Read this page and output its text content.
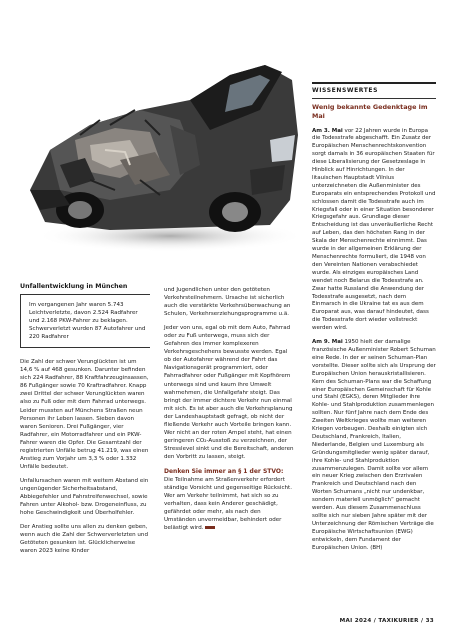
WISSENSWERTES
Wenig bekannte Gedenktage im Mai

Am 3. Mai vor 22 Jahren wurde in Europa die Todesstrafe abgeschafft. Ein Zusatz der Europäischen Menschenrechtskonvention sorgt damals in 36 europäischen Staaten für diese Liberalisierung der Gesetzeslage in Hinblick auf Hinrichtungen. In der litauischen Hauptstadt Vilnius unterzeichneten die Außenminister des Europarats ein entsprechendes Protokoll und schlossen damit die Todesstrafe auch im Kriegsfall oder in einer Situation besonderer Kriegsgefahr aus. Grundlage dieser Entscheidung ist das unveräußerliche Recht auf Leben, das den höchsten Rang in der Skala der Menschenrechte einnimmt. Das wurde in der allgemeinen Erklärung der Menschenrechte formuliert, die 1948 von den Vereinten Nationen verabschiedet wurde. Als einziges europäisches Land wendet noch Belarus die Todesstrafe an. Zwar hatte Russland die Anwendung der Todesstrafe ausgesetzt, nach dem Einmarsch in die Ukraine tat es aus dem Europarat aus, was darauf hindeutet, dass die Todesstrafe dort wieder vollstreckt werden wird.

Am 9. Mai 1950 hielt der damalige französische Außenminister Robert Schuman eine Rede. In der er seinen Schuman-Plan vorstellte. Dieser sollte sich als Ursprung der Europäischen Union herauskristallisieren. Kern des Schuman-Plans war die Schaffung einer Europäischen Gemeinschaft für Kohle und Stahl (EGKS), deren Mitglieder ihre Kohle- und Stahlproduktion zusammenlegen sollten. Nur fünf Jahre nach dem Ende des Zweiten Weltkrieges wollte man weiteren Kriegen vorbeugen. Deshalb einigten sich Deutschland, Frankreich, Italien, Niederlande, Belgien und Luxemburg als Gründungsmitglieder wenig später darauf, ihre Kohle- und Stahlproduktion zusammenzulegen. Damit sollte vor allem ein neuer Krieg zwischen den Erzrivalen Frankreich und Deutschland nach den Worten Schumans „nicht nur undenkbar, sondern materiell unmöglich“ gemacht werden. Aus diesem Zusammenschluss sollte sich nur sieben Jahre später mit der Unterzeichnung der Römischen Verträge die Europäische Wirtschaftsunion (EWG) entwickeln, dem Fundament der Europäischen Union. (BH)

Unfallentwicklung in München
Im vergangenen Jahr waren 5.743 Leichtverletzte, davon 2.524 Radfahrer und 2.168 PKW-Fahrer zu beklagen. Schwerverletzt wurden 87 Autofahrer und 220 Radfahrer

Die Zahl der schwer Verunglückten ist um 14,6 % auf 468 gesunken. Darunter befinden sich 224 Radfahrer, 88 Kraftfahrzeuginsassen, 86 Fußgänger sowie 70 Kraftradfahrer. Knapp zwei Drittel der schwer Verunglückten waren also zu Fuß oder mit dem Fahrrad unterwegs. Leider mussten auf Münchens Straßen neun Personen ihr Leben lassen. Sieben davon waren Senioren. Drei Fußgänger, vier Radfahrer, ein Motorradfahrer und ein PKW-Fahrer waren die Opfer. Die Gesamtzahl der registrierten Unfälle betrug 41.219, was einen Anstieg zum Vorjahr um 3,3 % oder 1.332 Unfälle bedeutet.

Unfallursachen waren mit weitem Abstand ein ungenügender Sicherheitsabstand, Abbiegefehler und Fahrstreifenwechsel, sowie Fahren unter Alkohol- bzw. Drogeneinfluss, zu hohe Geschwindigkeit und Überholfehler.

Der Anstieg sollte uns allen zu denken geben, wenn auch die Zahl der Schwerverletzten und Getöteten gesunken ist. Glücklicherweise waren 2023 keine Kinder

und Jugendlichen unter den getöteten Verkehrsteilnehmern. Ursache ist sicherlich auch die verstärkte Verkehrsüberwachung an Schulen, Verkehrserziehungsprogramme u.ä.

Jeder von uns, egal ob mit dem Auto, Fahrrad oder zu Fuß unterwegs, muss sich der Gefahren des immer komplexeren Verkehrsgeschehens bewusste werden. Egal ob der Autofahrer während der Fahrt das Navigationsgerät programmiert, oder Fahrradfahrer oder Fußgänger mit Kopfhörern unterwegs sind und kaum ihre Umwelt wahrnehmen, die Unfallgefahr steigt. Das bringt der immer dichtere Verkehr nun einmal mit sich. Es ist aber auch die Verkehrsplanung der Landeshauptstadt gefragt, ob nicht der fließende Verkehr auch Vorteile bringen kann. Wer nicht an der roten Ampel steht, hat einen geringeren CO₂-Ausstoß zu verzeichnen, der Stresslevel sinkt und die Bereitschaft, anderen den Vorbritt zu lassen, steigt.

Denken Sie immer an § 1 der STVO:

Die Teilnahme am Straßenverkehr erfordert ständige Vorsicht und gegenseitige Rücksicht. Wer am Verkehr teilnimmt, hat sich so zu verhalten, dass kein Anderer geschädigt, gefährdet oder mehr, als nach den Umständen unvermeidbar, behindert oder belästigt wird.

MAI 2024 / TAXIKURIER / 33
